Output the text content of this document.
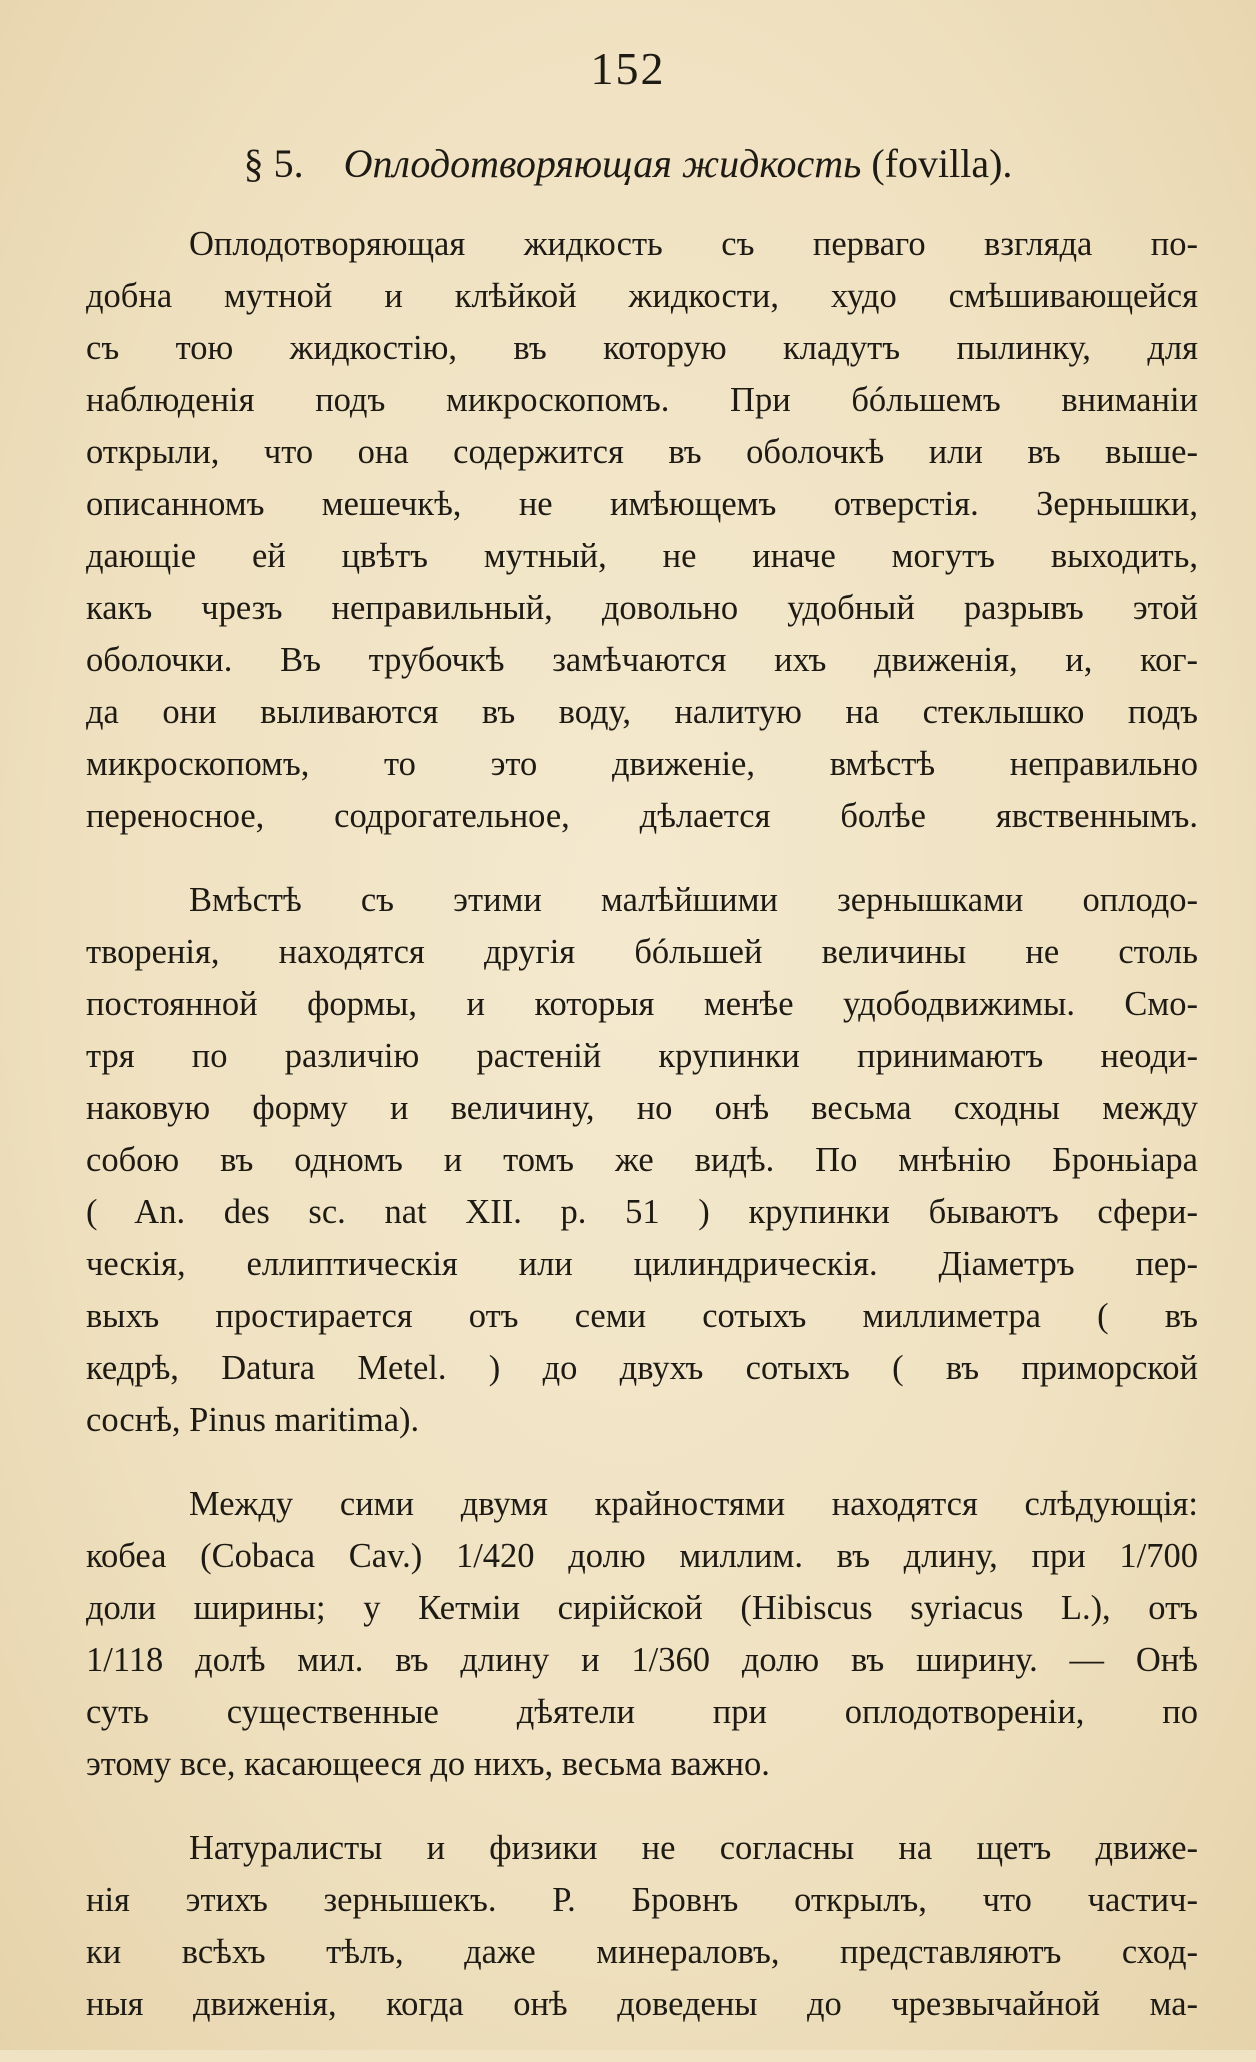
152
§ 5. Оплодотворяющая жидкость (fovilla).
Оплодотворяющая жидкость съ перваго взгляда по-
добна мутной и клѣйкой жидкости, худо смѣшивающейся
съ тою жидкостію, въ которую кладутъ пылинку, для
наблюденія подъ микроскопомъ. При бóльшемъ вниманіи
открыли, что она содержится въ оболочкѣ или въ выше-
описанномъ мешечкѣ, не имѣющемъ отверстія. Зернышки,
дающіе ей цвѣтъ мутный, не иначе могутъ выходить,
какъ чрезъ неправильный, довольно удобный разрывъ этой
оболочки. Въ трубочкѣ замѣчаются ихъ движенія, и, ког-
да они выливаются въ воду, налитую на стеклышко подъ
микроскопомъ, то это движеніе, вмѣстѣ неправильно
переносное, содрогательное, дѣлается болѣе явственнымъ.
Вмѣстѣ съ этими малѣйшими зернышками оплодо-
творенія, находятся другія бóльшей величины не столь
постоянной формы, и которыя менѣе удободвижимы. Смо-
тря по различію растеній крупинки принимаютъ неоди-
наковую форму и величину, но онѣ весьма сходны между
собою въ одномъ и томъ же видѣ. По мнѣнію Броньіара
( An. des sc. nat XII. p. 51 ) крупинки бываютъ сфери-
ческія, еллиптическія или цилиндрическія. Діаметръ пер-
выхъ простирается отъ семи сотыхъ миллиметра ( въ
кедрѣ, Datura Metel. ) до двухъ сотыхъ ( въ приморской
соснѣ, Pinus maritima).
Между сими двумя крайностями находятся слѣдующія:
кобеа (Cobaca Cav.) 1/420 долю миллим. въ длину, при 1/700
доли ширины; у Кетміи сирійской (Hibiscus syriacus L.), отъ
1/118 долѣ мил. въ длину и 1/360 долю въ ширину. — Онѣ
суть существенные дѣятели при оплодотвореніи, по
этому все, касающееся до нихъ, весьма важно.
Натуралисты и физики не согласны на щетъ движе-
нія этихъ зернышекъ. Р. Бровнъ открылъ, что частич-
ки всѣхъ тѣлъ, даже минераловъ, представляютъ сход-
ныя движенія, когда онѣ доведены до чрезвычайной ма-
